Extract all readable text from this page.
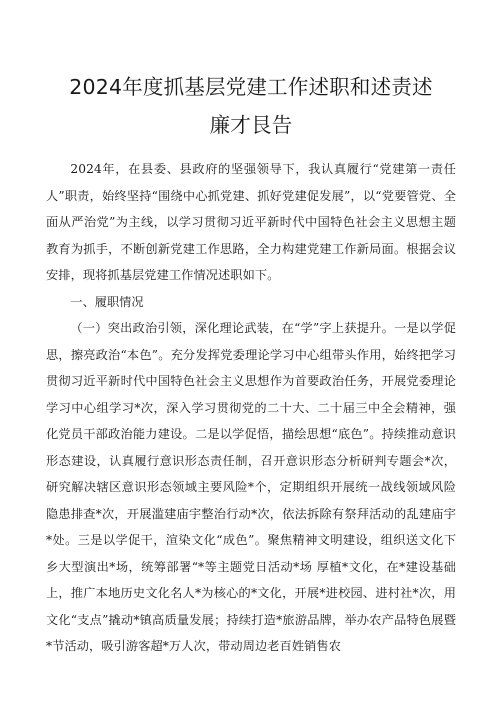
2024年度抓基层党建工作述职和述责述
廉才艮告

2024年，在县委、县政府的坚强领导下，我认真履行“党建第一责任人”职责，始终坚持“围绕中心抓党建、抓好党建促发展”，以“党要管党、全面从严治党”为主线，以学习贯彻习近平新时代中国特色社会主义思想主题教育为抓手，不断创新党建工作思路，全力构建党建工作新局面。根据会议安排，现将抓基层党建工作情况述职如下。

一、履职情况

（一）突出政治引领，深化理论武装，在“学”字上获提升。一是以学促思，擦亮政治“本色”。充分发挥党委理论学习中心组带头作用，始终把学习贯彻习近平新时代中国特色社会主义思想作为首要政治任务，开展党委理论学习中心组学习*次，深入学习贯彻党的二十大、二十届三中全会精神，强化党员干部政治能力建设。二是以学促悟，描绘思想“底色”。持续推动意识形态建设，认真履行意识形态责任制，召开意识形态分析研判专题会*次，研究解决辖区意识形态领域主要风险*个，定期组织开展统一战线领域风险隐患排查*次，开展滥建庙宇整治行动*次，依法拆除有祭拜活动的乱建庙宇*处。三是以学促干，渲染文化“成色”。聚焦精神文明建设，组织送文化下乡大型演出*场，统筹部署“*等主题党日活动*场 厚植*文化，在*建设基础上，推广本地历史文化名人*为核心的*文化，开展*进校园、进村社*次，用文化“支点”撬动*镇高质量发展；持续打造*旅游品牌，举办农产品特色展暨*节活动，吸引游客超*万人次，带动周边老百姓销售农
